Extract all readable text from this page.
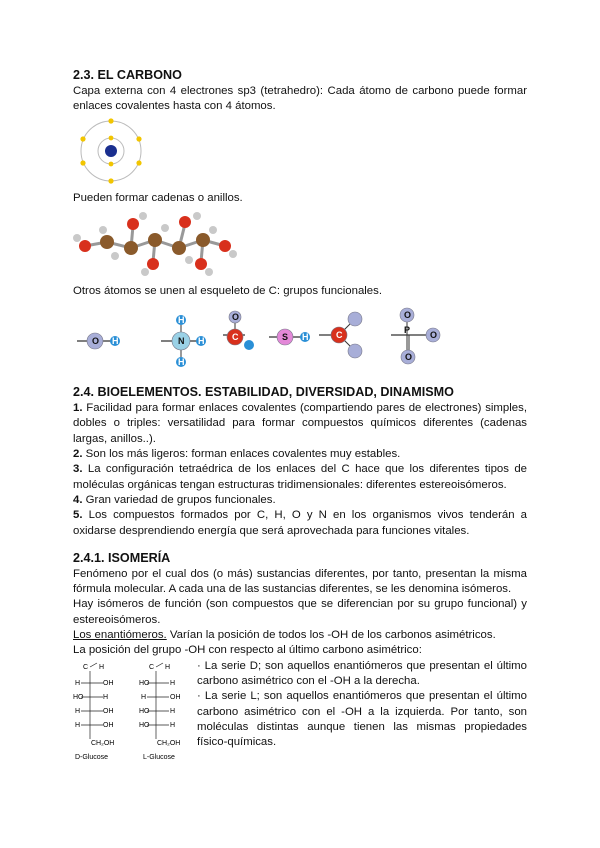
2.3. EL CARBONO

Capa externa con 4 electrones sp3 (tetrahedro): Cada átomo de carbono puede formar enlaces covalentes hasta con 4 átomos.

Pueden formar cadenas o anillos.

Otros átomos se unen al esqueleto de C: grupos funcionales.

O H	N
H
H
H
S H
C
O
C	P
O
O
O
2.4. BIOELEMENTOS. ESTABILIDAD, DIVERSIDAD, DINAMISMO

1. Facilidad para formar enlaces covalentes (compartiendo pares de electrones) simples, dobles o triples: versatilidad para formar compuestos químicos diferentes (cadenas largas, anillos..).

2. Son los más ligeros: forman enlaces covalentes muy estables.

3. La configuración tetraédrica de los enlaces del C hace que los diferentes tipos de moléculas orgánicas tengan estructuras tridimensionales: diferentes estereoisómeros.

4. Gran variedad de grupos funcionales.

5. Los compuestos formados por C, H, O y N en los organismos vivos tenderán a oxidarse desprendiendo energía que será aprovechada para funciones vitales.

2.4.1. ISOMERÍA

Fenómeno por el cual dos (o más) sustancias diferentes, por tanto, presentan la misma fórmula molecular. A cada una de las sustancias diferentes, se les denomina isómeros.

Hay isómeros de función (son compuestos que se diferencian por su grupo funcional) y estereoisómeros.

Los enantiómeros. Varían la posición de todos los -OH de los carbonos asimétricos.

La posición del grupo -OH con respecto al último carbono asimétrico:

C H
H	OH
HO	H
H	OH
H	OH
CH₂OH
D-Glucose
C H
HO	H
H	OH
HO	H
HO	H
CH₂OH
L-Glucose

· La serie D; son aquellos enantiómeros que presentan el último carbono asimétrico con el -OH a la derecha.

· La serie L; son aquellos enantiómeros que presentan el último carbono asimétrico con el -OH a la izquierda. Por tanto, son moléculas distintas aunque tienen las mismas propiedades físico-químicas.
